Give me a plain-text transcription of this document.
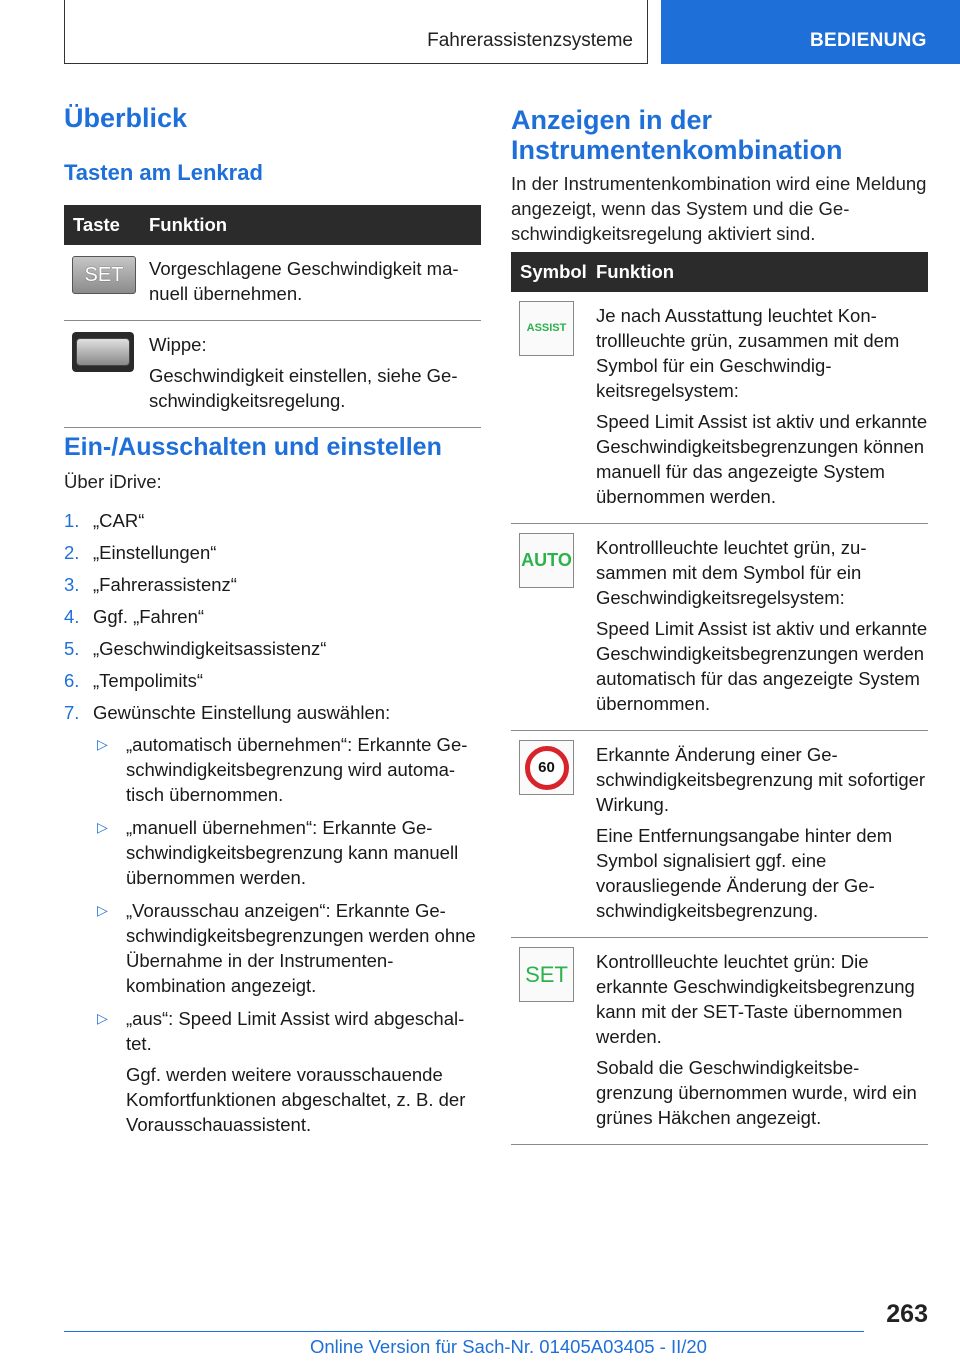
Fahrerassistenzsysteme	BEDIENUNG
Überblick
Tasten am Lenkrad
Taste	Funktion

SET	Vorgeschlagene Geschwindigkeit manuell übernehmen.

	Wippe:

Geschwindigkeit einstellen, siehe Geschwindigkeitsregelung.

Ein-/Ausschalten und einstellen
Über iDrive:
1. „CAR“
2. „Einstellungen“
3. „Fahrerassistenz“
4. Ggf. „Fahren“
5. „Geschwindigkeitsassistenz“
6. „Tempolimits“
7. Gewünschte Einstellung auswählen:
▷ „automatisch übernehmen“: Erkannte Geschwindigkeitsbegrenzung wird automatisch übernommen.
▷ „manuell übernehmen“: Erkannte Geschwindigkeitsbegrenzung kann manuell übernommen werden.
▷ „Vorausschau anzeigen“: Erkannte Geschwindigkeitsbegrenzungen werden ohne Übernahme in der Instrumentenkombination angezeigt.
▷ „aus“: Speed Limit Assist wird abgeschaltet.

Ggf. werden weitere vorausschauende Komfortfunktionen abgeschaltet, z. B. der Vorausschauassistent.

Anzeigen in der
Instrumentenkombination
In der Instrumentenkombination wird eine Meldung angezeigt, wenn das System und die Geschwindigkeitsregelung aktiviert sind.
Symbol	Funktion

ASSIST	Je nach Ausstattung leuchtet Kontrollleuchte grün, zusammen mit dem Symbol für ein Geschwindigkeitsregelsystem:

Speed Limit Assist ist aktiv und erkannte Geschwindigkeitsbegrenzungen können manuell für das angezeigte System übernommen werden.

AUTO	Kontrollleuchte leuchtet grün, zusammen mit dem Symbol für ein Geschwindigkeitsregelsystem:

Speed Limit Assist ist aktiv und erkannte Geschwindigkeitsbegrenzungen werden automatisch für das angezeigte System übernommen.

60	Erkannte Änderung einer Geschwindigkeitsbegrenzung mit sofortiger Wirkung.

Eine Entfernungsangabe hinter dem Symbol signalisiert ggf. eine vorausliegende Änderung der Geschwindigkeitsbegrenzung.

SET	Kontrollleuchte leuchtet grün: Die erkannte Geschwindigkeitsbegrenzung kann mit der SET-Taste übernommen werden.

Sobald die Geschwindigkeitsbegrenzung übernommen wurde, wird ein grünes Häkchen angezeigt.

263
Online Version für Sach-Nr. 01405A03405 - II/20
